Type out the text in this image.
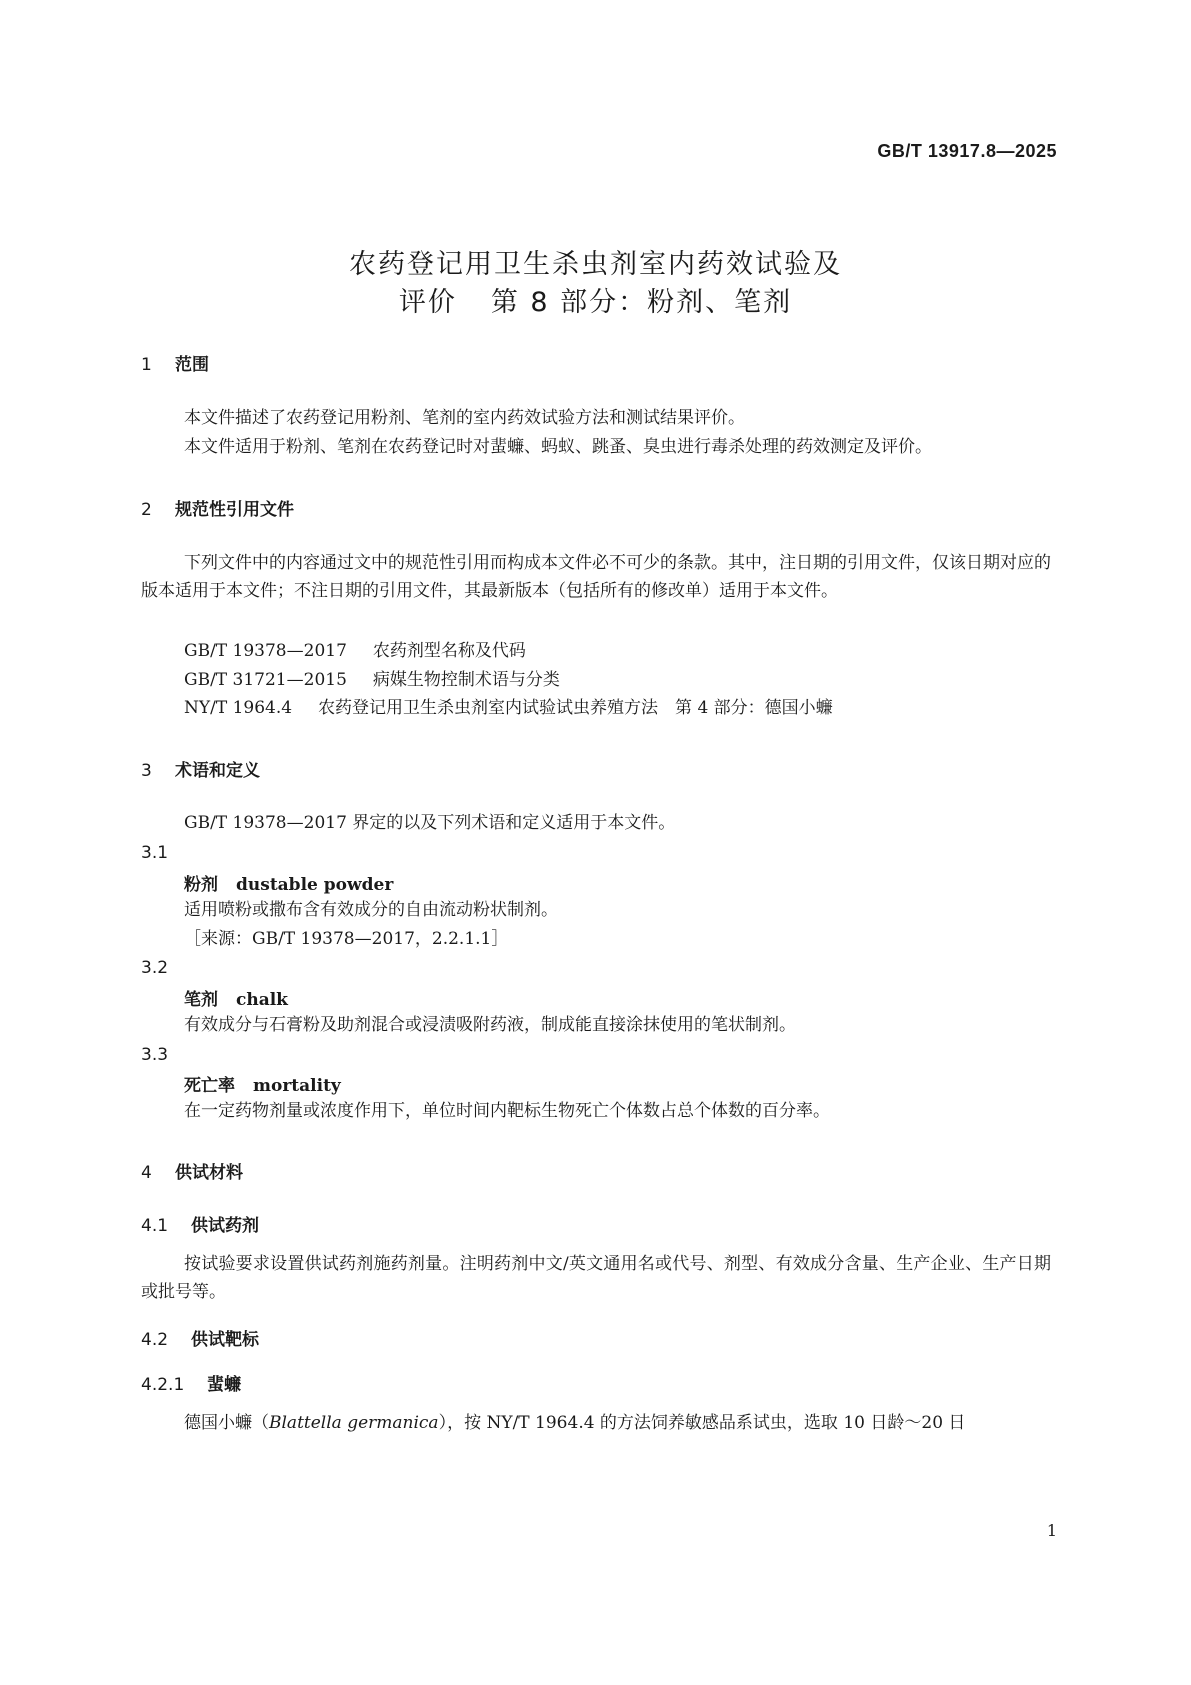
GB/T 13917.8—2025
农药登记用卫生杀虫剂室内药效试验及
评价 第 8 部分：粉剂、笔剂
1 范围
本文件描述了农药登记用粉剂、笔剂的室内药效试验方法和测试结果评价。
本文件适用于粉剂、笔剂在农药登记时对蜚蠊、蚂蚁、跳蚤、臭虫进行毒杀处理的药效测定及评价。
2 规范性引用文件
下列文件中的内容通过文中的规范性引用而构成本文件必不可少的条款。其中，注日期的引用文件，仅该日期对应的版本适用于本文件；不注日期的引用文件，其最新版本（包括所有的修改单）适用于本文件。
GB/T 19378—2017 农药剂型名称及代码
GB/T 31721—2015 病媒生物控制术语与分类
NY/T 1964.4 农药登记用卫生杀虫剂室内试验试虫养殖方法　第 4 部分：德国小蠊
3 术语和定义
GB/T 19378—2017 界定的以及下列术语和定义适用于本文件。
3.1
粉剂 dustable powder
适用喷粉或撒布含有效成分的自由流动粉状制剂。
［来源：GB/T 19378—2017，2.2.1.1］
3.2
笔剂 chalk
有效成分与石膏粉及助剂混合或浸渍吸附药液，制成能直接涂抹使用的笔状制剂。
3.3
死亡率 mortality
在一定药物剂量或浓度作用下，单位时间内靶标生物死亡个体数占总个体数的百分率。
4 供试材料
4.1 供试药剂
按试验要求设置供试药剂施药剂量。注明药剂中文/英文通用名或代号、剂型、有效成分含量、生产企业、生产日期或批号等。
4.2 供试靶标
4.2.1 蜚蠊
德国小蠊（Blattella germanica），按 NY/T 1964.4 的方法饲养敏感品系试虫，选取 10 日龄～20 日
1
